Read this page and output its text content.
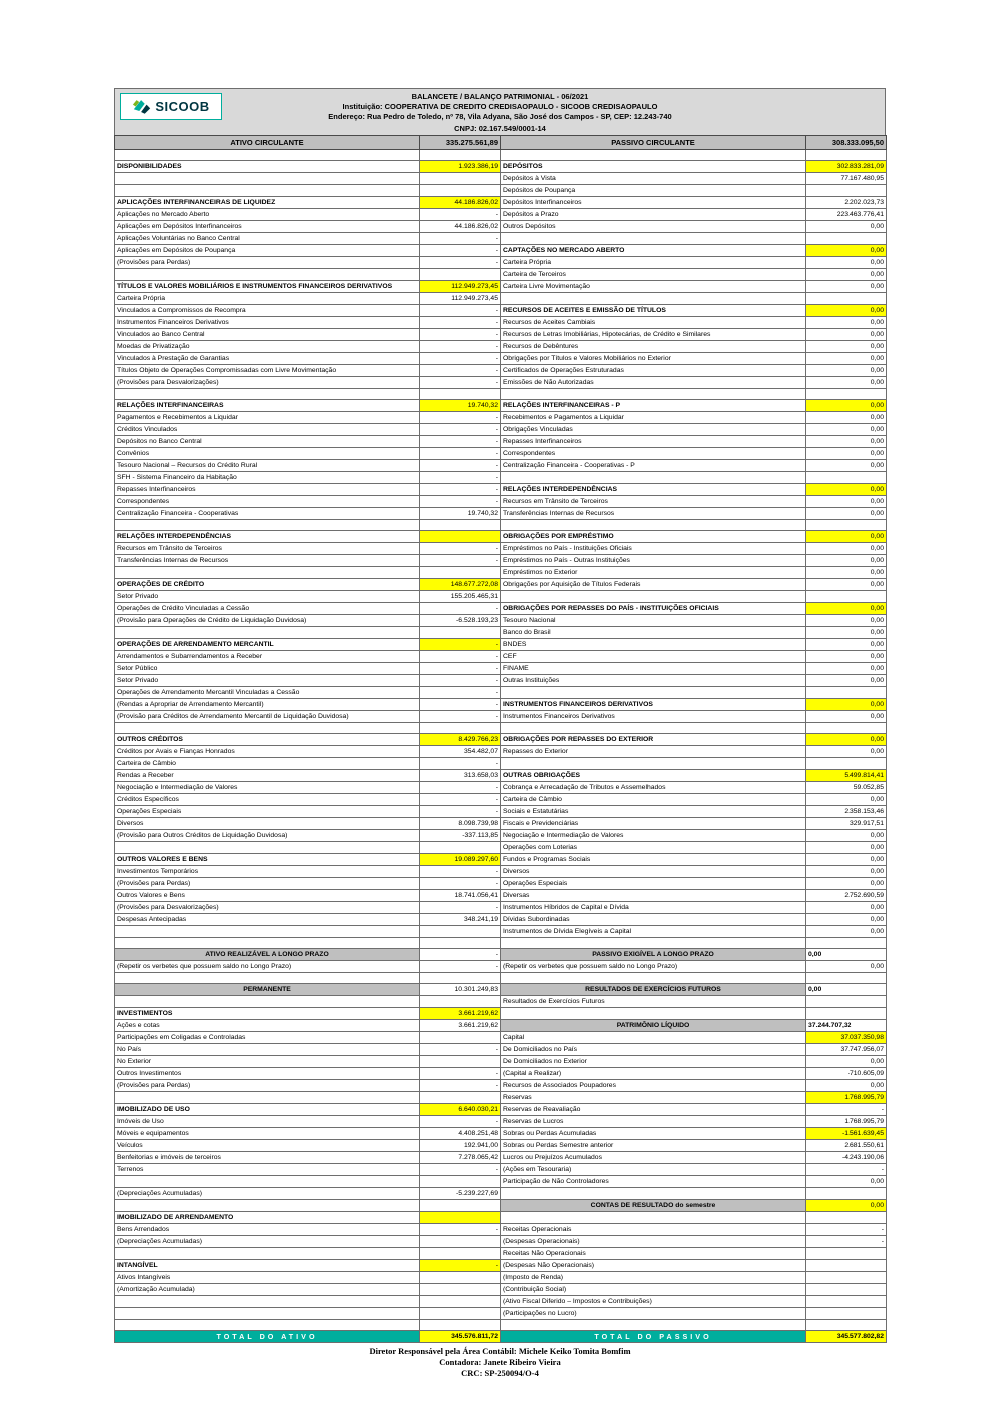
SICOOB
BALANCETE / BALANÇO PATRIMONIAL - 06/2021
Instituição: COOPERATIVA DE CREDITO CREDISAOPAULO - SICOOB CREDISAOPAULO
Endereço: Rua Pedro de Toledo, nº 78, Vila Adyana, São José dos Campos - SP, CEP: 12.243-740
CNPJ: 02.167.549/0001-14
ATIVO CIRCULANTE	335.275.561,89	PASSIVO CIRCULANTE	308.333.095,50

DISPONIBILIDADES	1.923.386,19	DEPÓSITOS	302.833.281,09
		Depósitos à Vista	77.167.480,95
		Depósitos de Poupança	
APLICAÇÕES INTERFINANCEIRAS DE LIQUIDEZ	44.186.826,02	Depósitos Interfinanceiros	2.202.023,73
Aplicações no Mercado Aberto	-	Depósitos a Prazo	223.463.776,41
Aplicações em Depósitos Interfinanceiros	44.186.826,02	Outros Depósitos	0,00
Aplicações Voluntárias no Banco Central	-		
Aplicações em Depósitos de Poupança	-	CAPTAÇÕES NO MERCADO ABERTO	0,00
(Provisões para Perdas)	-	Carteira Própria	0,00
		Carteira de Terceiros	0,00
TÍTULOS E VALORES MOBILIÁRIOS E INSTRUMENTOS FINANCEIROS DERIVATIVOS	112.949.273,45	Carteira Livre Movimentação	0,00
Carteira Própria	112.949.273,45		
Vinculados a Compromissos de Recompra	-	RECURSOS DE ACEITES E EMISSÃO DE TÍTULOS	0,00
Instrumentos Financeiros Derivativos	-	Recursos de Aceites Cambiais	0,00
Vinculados ao Banco Central	-	Recursos de Letras Imobiliárias, Hipotecárias, de Crédito e Similares	0,00
Moedas de Privatização	-	Recursos de Debêntures	0,00
Vinculados à Prestação de Garantias	-	Obrigações por Títulos e Valores Mobiliários no Exterior	0,00
Títulos Objeto de Operações Compromissadas com Livre Movimentação	-	Certificados de Operações Estruturadas	0,00
(Provisões para Desvalorizações)	-	Emissões de Não Autorizadas	0,00

RELAÇÕES INTERFINANCEIRAS	19.740,32	RELAÇÕES INTERFINANCEIRAS - P	0,00
Pagamentos e Recebimentos a Liquidar	-	Recebimentos e Pagamentos a Liquidar	0,00
Créditos Vinculados	-	Obrigações Vinculadas	0,00
Depósitos no Banco Central	-	Repasses Interfinanceiros	0,00
Convênios	-	Correspondentes	0,00
Tesouro Nacional – Recursos do Crédito Rural	-	Centralização Financeira - Cooperativas - P	0,00
SFH - Sistema Financeiro da Habitação	-		
Repasses Interfinanceiros	-	RELAÇÕES INTERDEPENDÊNCIAS	0,00
Correspondentes	-	Recursos em Trânsito de Terceiros	0,00
Centralização Financeira - Cooperativas	19.740,32	Transferências Internas de Recursos	0,00

RELAÇÕES INTERDEPENDÊNCIAS		OBRIGAÇÕES POR EMPRÉSTIMO	0,00
Recursos em Trânsito de Terceiros	-	Empréstimos no País - Instituições Oficiais	0,00
Transferências Internas de Recursos	-	Empréstimos no País - Outras Instituições	0,00
		Empréstimos no Exterior	0,00
OPERAÇÕES DE CRÉDITO	148.677.272,08	Obrigações por Aquisição de Títulos Federais	0,00
Setor Privado	155.205.465,31		
Operações de Crédito Vinculadas a Cessão	-	OBRIGAÇÕES POR REPASSES DO PAÍS - INSTITUIÇÕES OFICIAIS	0,00
(Provisão para Operações de Crédito de Liquidação Duvidosa)	-6.528.193,23	Tesouro Nacional	0,00
		Banco do Brasil	0,00
OPERAÇÕES DE ARRENDAMENTO MERCANTIL	-	BNDES	0,00
Arrendamentos e Subarrendamentos a Receber	-	CEF	0,00
Setor Público	-	FINAME	0,00
Setor Privado	-	Outras Instituições	0,00
Operações de Arrendamento Mercantil Vinculadas a Cessão	-		
(Rendas a Apropriar de Arrendamento Mercantil)	-	INSTRUMENTOS FINANCEIROS DERIVATIVOS	0,00
(Provisão para Créditos de Arrendamento Mercantil de Liquidação Duvidosa)	-	Instrumentos Financeiros Derivativos	0,00

OUTROS CRÉDITOS	8.429.766,23	OBRIGAÇÕES POR REPASSES DO EXTERIOR	0,00
Créditos por Avais e Fianças Honrados	354.482,07	Repasses do Exterior	0,00
Carteira de Câmbio	-		
Rendas a Receber	313.658,03	OUTRAS OBRIGAÇÕES	5.499.814,41
Negociação e Intermediação de Valores	-	Cobrança e Arrecadação de Tributos e Assemelhados	59.052,85
Créditos Específicos	-	Carteira de Câmbio	0,00
Operações Especiais	-	Sociais e Estatutárias	2.358.153,46
Diversos	8.098.739,98	Fiscais e Previdenciárias	329.917,51
(Provisão para Outros Créditos de Liquidação Duvidosa)	-337.113,85	Negociação e Intermediação de Valores	0,00
		Operações com Loterias	0,00
OUTROS VALORES E BENS	19.089.297,60	Fundos e Programas Sociais	0,00
Investimentos Temporários	-	Diversos	0,00
(Provisões para Perdas)	-	Operações Especiais	0,00
Outros Valores e Bens	18.741.056,41	Diversas	2.752.690,59
(Provisões para Desvalorizações)	-	Instrumentos Híbridos de Capital e Dívida	0,00
Despesas Antecipadas	348.241,19	Dívidas Subordinadas	0,00
		Instrumentos de Dívida Elegíveis a Capital	0,00

ATIVO REALIZÁVEL A LONGO PRAZO	-	PASSIVO EXIGÍVEL A LONGO PRAZO	0,00
(Repetir os verbetes que possuem saldo no Longo Prazo)	-	(Repetir os verbetes que possuem saldo no Longo Prazo)	0,00

PERMANENTE	10.301.249,83	RESULTADOS DE EXERCÍCIOS FUTUROS	0,00
		Resultados de Exercícios Futuros	
INVESTIMENTOS	3.661.219,62		
Ações e cotas	3.661.219,62	PATRIMÔNIO LÍQUIDO	37.244.707,32
Participações em Coligadas e Controladas		Capital	37.037.350,98
No País	-	De Domiciliados no País	37.747.956,07
No Exterior		De Domiciliados no Exterior	0,00
Outros Investimentos	-	(Capital a Realizar)	-710.605,09
(Provisões para Perdas)	-	Recursos de Associados Poupadores	0,00
		Reservas	1.768.995,79
IMOBILIZADO DE USO	6.640.030,21	Reservas de Reavaliação	-
Imóveis de Uso	-	Reservas de Lucros	1.768.995,79
Móveis e equipamentos	4.408.251,48	Sobras ou Perdas Acumuladas	-1.561.639,45
Veículos	192.941,00	Sobras ou Perdas Semestre anterior	2.681.550,61
Benfeitorias e imóveis de terceiros	7.278.065,42	Lucros ou Prejuízos Acumulados	-4.243.190,06
Terrenos	-	(Ações em Tesouraria)	-
		Participação de Não Controladores	0,00
(Depreciações Acumuladas)	-5.239.227,69		
		CONTAS DE RESULTADO do semestre	0,00
IMOBILIZADO DE ARRENDAMENTO			
Bens Arrendados	-	Receitas Operacionais	-
(Depreciações Acumuladas)		(Despesas Operacionais)	-
		Receitas Não Operacionais	
INTANGÍVEL	-	(Despesas Não Operacionais)	
Ativos Intangíveis		(Imposto de Renda)	
(Amortização Acumulada)		(Contribuição Social)	
		(Ativo Fiscal Diferido – Impostos e Contribuições)	
		(Participações no Lucro)	

TOTAL DO ATIVO	345.576.811,72	TOTAL DO PASSIVO	345.577.802,82
Diretor Responsável pela Área Contábil: Michele Keiko Tomita Bomfim
Contadora: Janete Ribeiro Vieira
CRC: SP-250094/O-4
